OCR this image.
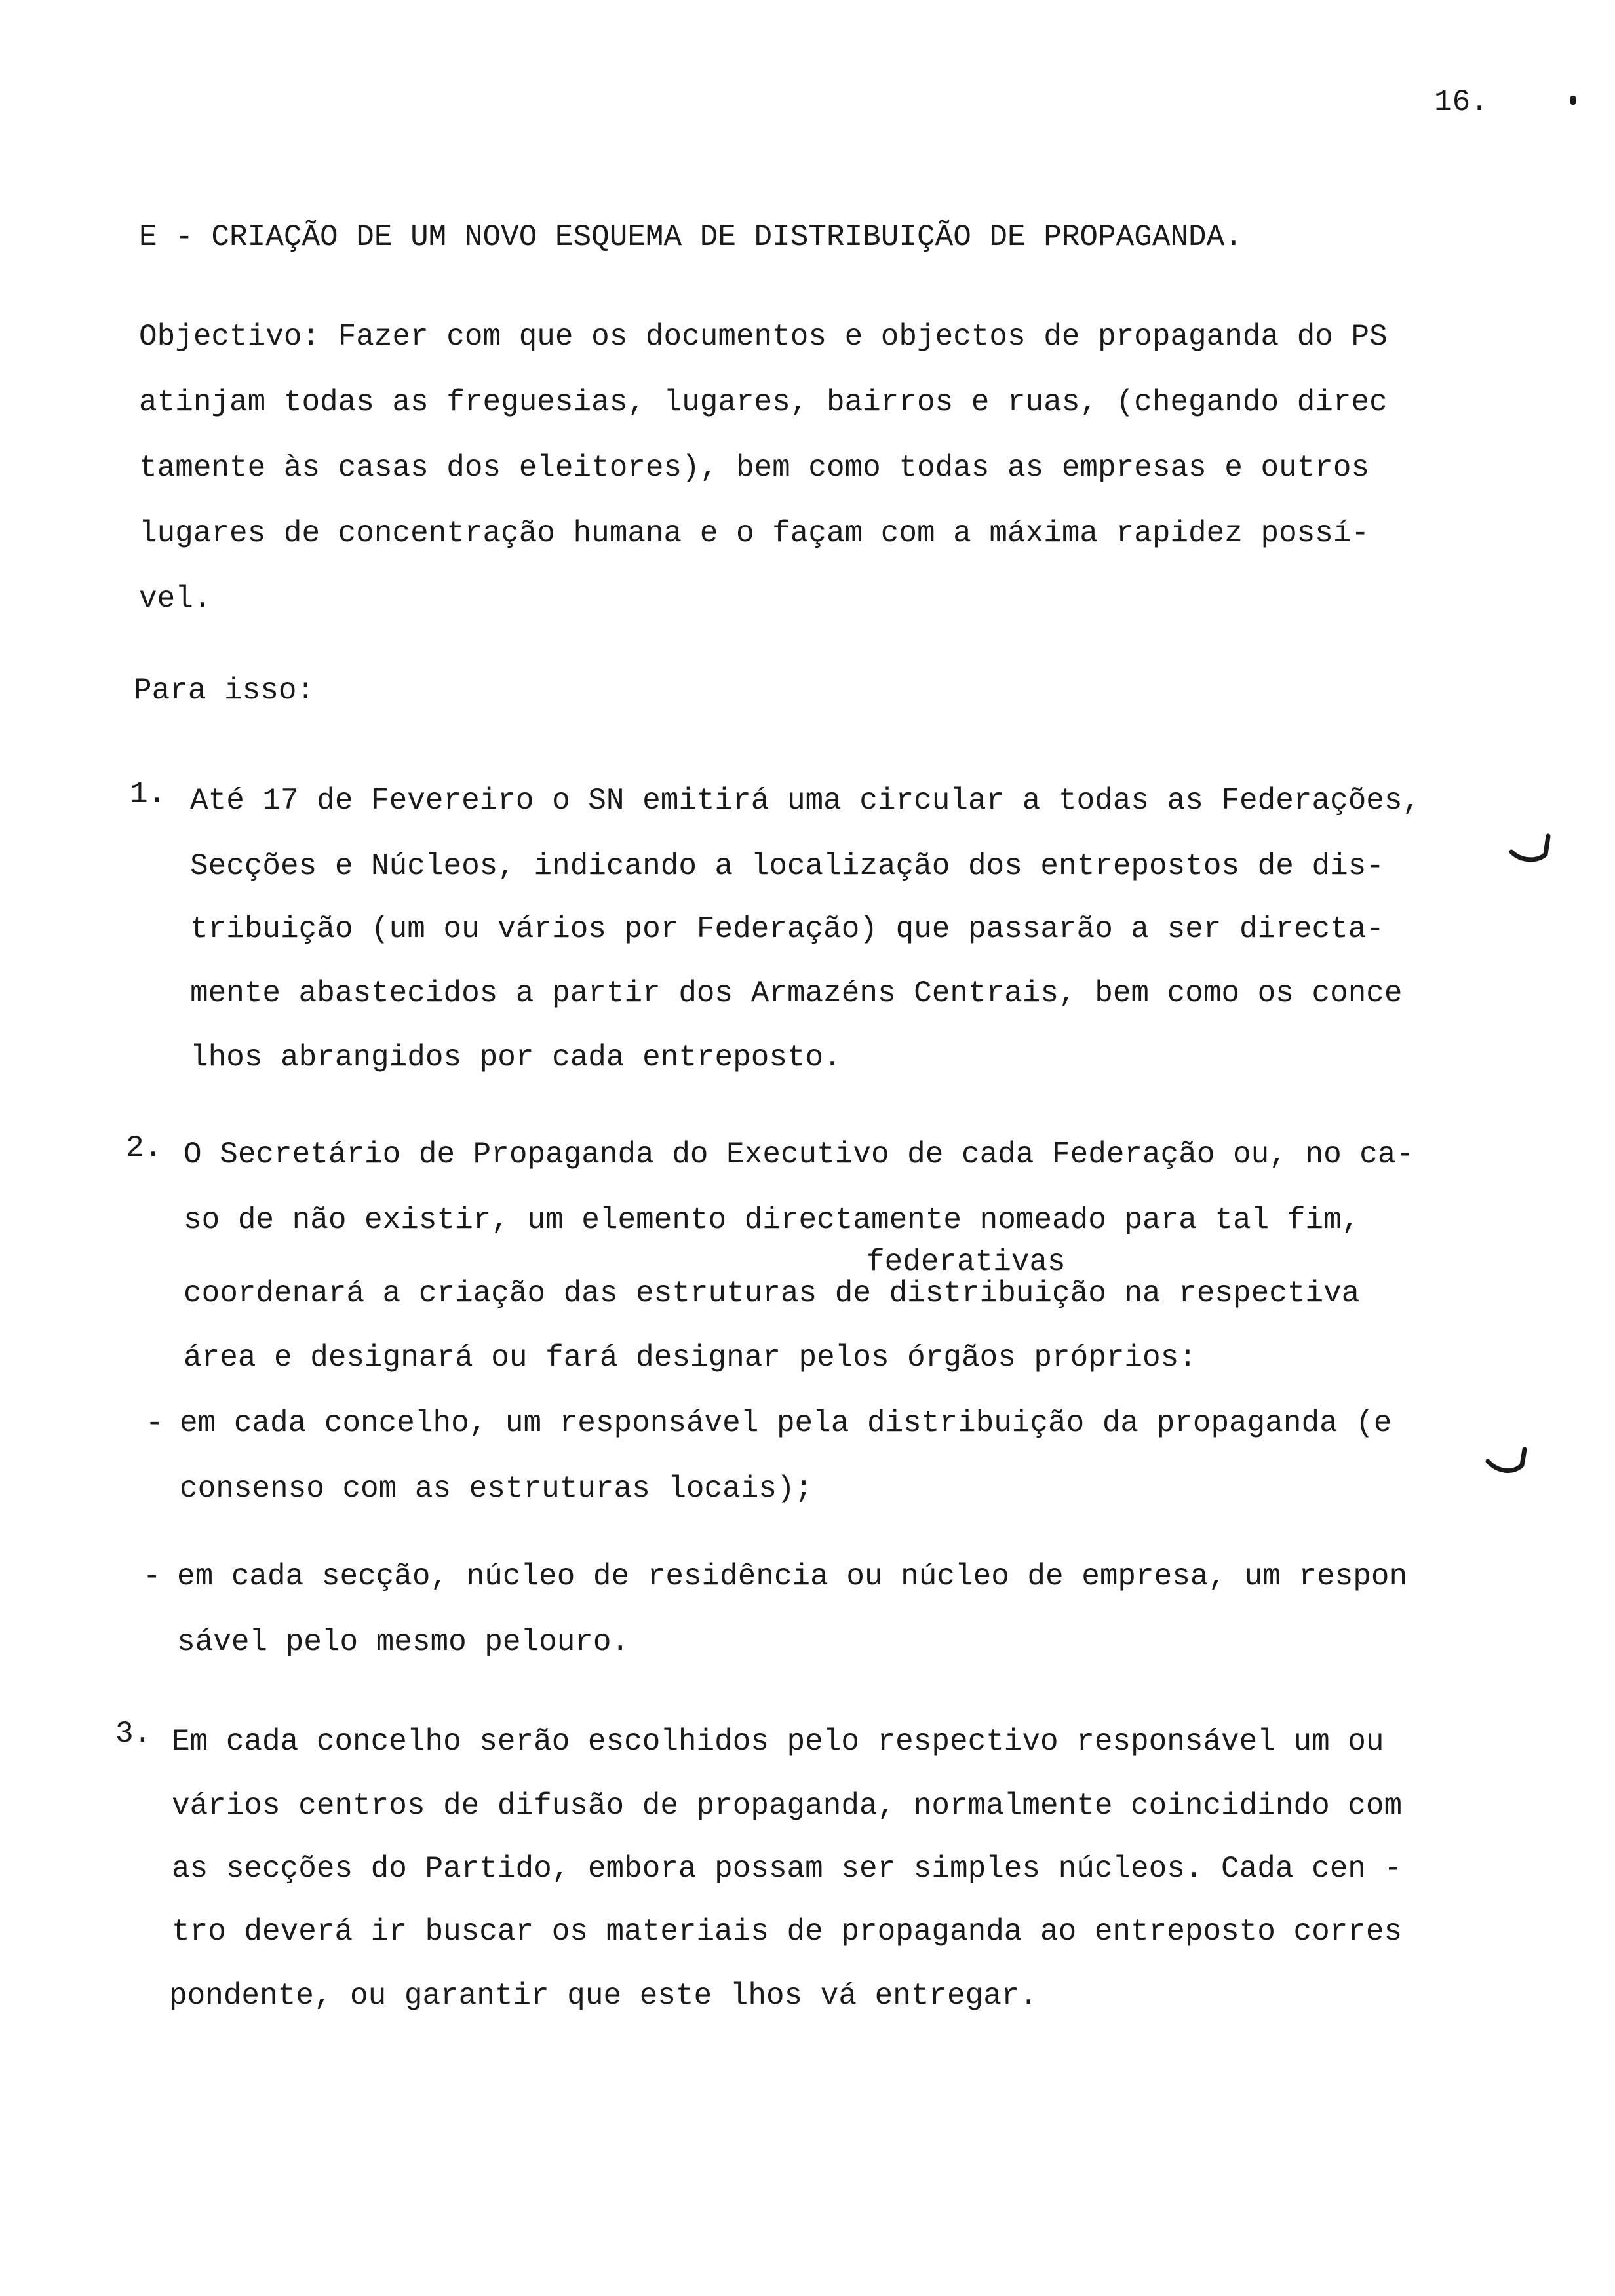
16.
E - CRIAÇÃO DE UM NOVO ESQUEMA DE DISTRIBUIÇÃO DE PROPAGANDA.
Objectivo: Fazer com que os documentos e objectos de propaganda do PS
atinjam todas as freguesias, lugares, bairros e ruas, (chegando direc
tamente às casas dos eleitores), bem como todas as empresas e outros
lugares de concentração humana e o façam com a máxima rapidez possí-
vel.
Para isso:
1. Até 17 de Fevereiro o SN emitirá uma circular a todas as Federações,
Secções e Núcleos, indicando a localização dos entrepostos de dis-
tribuição (um ou vários por Federação) que passarão a ser directa-
mente abastecidos a partir dos Armazéns Centrais, bem como os conce
lhos abrangidos por cada entreposto.
2. O Secretário de Propaganda do Executivo de cada Federação ou, no ca-
so de não existir, um elemento directamente nomeado para tal fim,
federativas
coordenará a criação das estruturas de distribuição na respectiva
área e designará ou fará designar pelos órgãos próprios:
- em cada concelho, um responsável pela distribuição da propaganda (e
consenso com as estruturas locais);
- em cada secção, núcleo de residência ou núcleo de empresa, um respon
sável pelo mesmo pelouro.
3. Em cada concelho serão escolhidos pelo respectivo responsável um ou
vários centros de difusão de propaganda, normalmente coincidindo com
as secções do Partido, embora possam ser simples núcleos. Cada cen -
tro deverá ir buscar os materiais de propaganda ao entreposto corres
pondente, ou garantir que este lhos vá entregar.
